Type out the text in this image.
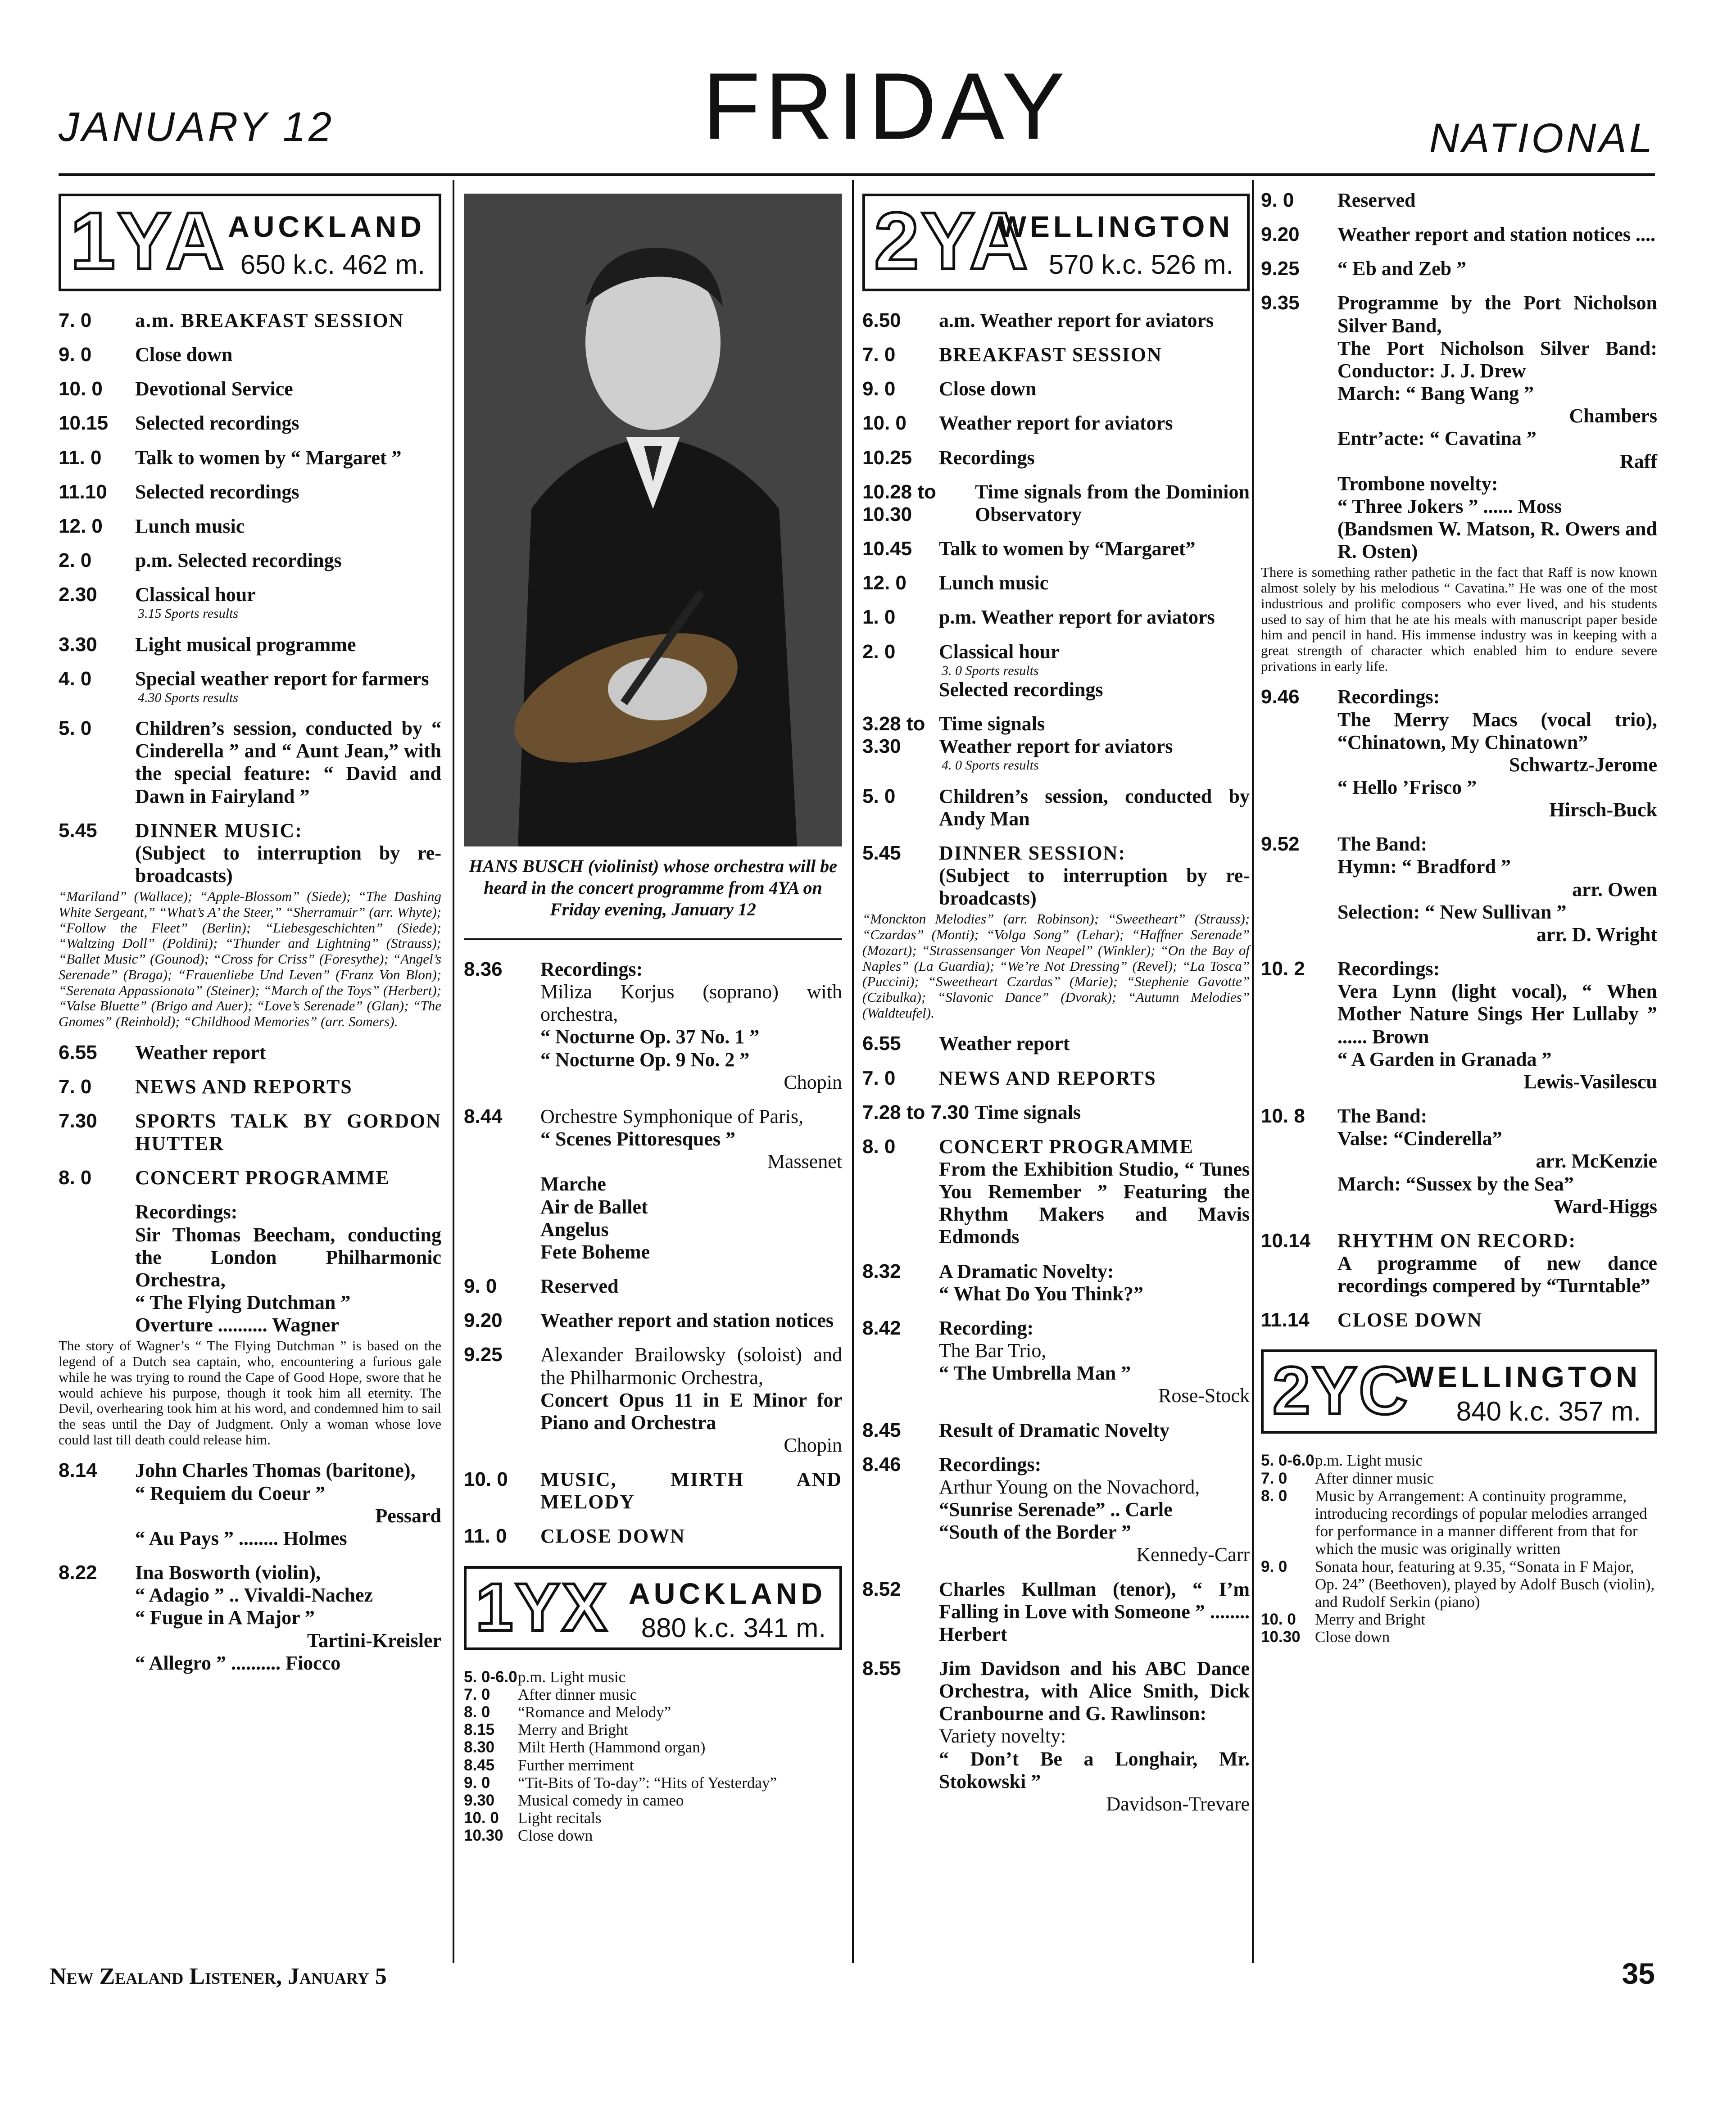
JANUARY 12	FRIDAY	NATIONAL
1YA AUCKLAND
650 k.c. 462 m.
7. 0	a.m. BREAKFAST SESSION
9. 0	Close down
10. 0	Devotional Service
10.15	Selected recordings
11. 0	Talk to women by “ Margaret ”
11.10	Selected recordings
12. 0	Lunch music
2. 0	p.m. Selected recordings
2.30	Classical hour
3.15 Sports results
3.30	Light musical programme
4. 0	Special weather report for farmers
4.30 Sports results
5. 0	Children’s session, conducted by “ Cinderella ” and “ Aunt Jean,” with the special feature: “ David and Dawn in Fairyland ”
5.45	DINNER MUSIC:
(Subject to interruption by re-broadcasts)
“Mariland” (Wallace); “Apple-Blossom” (Siede); “The Dashing White Sergeant,” “What’s A’ the Steer,” “Sherramuir” (arr. Whyte); “Follow the Fleet” (Berlin); “Liebesgeschichten” (Siede); “Waltzing Doll” (Poldini); “Thunder and Lightning” (Strauss); “Ballet Music” (Gounod); “Cross for Criss” (Foresythe); “Angel’s Serenade” (Braga); “Frauenliebe Und Leven” (Franz Von Blon); “Serenata Appassionata” (Steiner); “March of the Toys” (Herbert); “Valse Bluette” (Brigo and Auer); “Love’s Serenade” (Glan); “The Gnomes” (Reinhold); “Childhood Memories” (arr. Somers).
6.55	Weather report
7. 0	NEWS AND REPORTS
7.30	SPORTS TALK BY GORDON HUTTER
8. 0	CONCERT PROGRAMME
Recordings:
Sir Thomas Beecham, conducting the London Philharmonic Orchestra,
“ The Flying Dutchman ”
Overture .......... Wagner
The story of Wagner’s “ The Flying Dutchman ” is based on the legend of a Dutch sea captain, who, encountering a furious gale while he was trying to round the Cape of Good Hope, swore that he would achieve his purpose, though it took him all eternity. The Devil, overhearing took him at his word, and condemned him to sail the seas until the Day of Judgment. Only a woman whose love could last till death could release him.
8.14	John Charles Thomas (baritone),
“ Requiem du Coeur ”
Pessard
“ Au Pays ” ........ Holmes
8.22	Ina Bosworth (violin),
“ Adagio ” .. Vivaldi-Nachez
“ Fugue in A Major ”
Tartini-Kreisler
“ Allegro ” .......... Fiocco
HANS BUSCH (violinist) whose orchestra will be heard in the concert programme from 4YA on Friday evening, January 12
8.36	Recordings:
Miliza Korjus (soprano) with orchestra,
“ Nocturne Op. 37 No. 1 ”
“ Nocturne Op. 9 No. 2 ”
Chopin
8.44	Orchestre Symphonique of Paris,
“ Scenes Pittoresques ”
Massenet
Marche
Air de Ballet
Angelus
Fete Boheme
9. 0	Reserved
9.20	Weather report and station notices
9.25	Alexander Brailowsky (soloist) and the Philharmonic Orchestra,
Concert Opus 11 in E Minor for Piano and Orchestra
Chopin
10. 0	MUSIC, MIRTH AND MELODY
11. 0	CLOSE DOWN
1YX AUCKLAND
880 k.c. 341 m.
5. 0-6.0 p.m. Light music
7. 0	After dinner music
8. 0	“Romance and Melody”
8.15	Merry and Bright
8.30	Milt Herth (Hammond organ)
8.45	Further merriment
9. 0	“Tit-Bits of To-day”: “Hits of Yesterday”
9.30	Musical comedy in cameo
10. 0	Light recitals
10.30 Close down
2YA
WELLINGTON
570 k.c. 526 m.
6.50	a.m. Weather report for aviators
7. 0	BREAKFAST SESSION
9. 0	Close down
10. 0	Weather report for aviators
10.25	Recordings
10.28 to 10.30
Time signals from the Dominion Observatory
10.45	Talk to women by “Margaret”
12. 0	Lunch music
1. 0	p.m. Weather report for aviators
2. 0	Classical hour
3. 0 Sports results
Selected recordings
3.28 to 3.30
Time signals
Weather report for aviators
4. 0 Sports results
5. 0	Children’s session, conducted by Andy Man
5.45	DINNER SESSION:
(Subject to interruption by re-broadcasts)
“Monckton Melodies” (arr. Robinson); “Sweetheart” (Strauss); “Czardas” (Monti); “Volga Song” (Lehar); “Haffner Serenade” (Mozart); “Strassensanger Von Neapel” (Winkler); “On the Bay of Naples” (La Guardia); “We’re Not Dressing” (Revel); “La Tosca” (Puccini); “Sweetheart Czardas” (Marie); “Stephenie Gavotte” (Czibulka); “Slavonic Dance” (Dvorak); “Autumn Melodies” (Waldteufel).
6.55	Weather report
7. 0	NEWS AND REPORTS
7.28 to 7.30 Time signals
8. 0	CONCERT PROGRAMME
From the Exhibition Studio, “ Tunes You Remember ” Featuring the Rhythm Makers and Mavis Edmonds
8.32	A Dramatic Novelty:
“ What Do You Think?”
8.42	Recording:
The Bar Trio,
“ The Umbrella Man ”
Rose-Stock
8.45	Result of Dramatic Novelty
8.46	Recordings:
Arthur Young on the Novachord,
“Sunrise Serenade” .. Carle
“South of the Border ”
Kennedy-Carr
8.52	Charles Kullman (tenor), “ I’m Falling in Love with Someone ” ........ Herbert
8.55	Jim Davidson and his ABC Dance Orchestra, with Alice Smith, Dick Cranbourne and G. Rawlinson:
Variety novelty:
“ Don’t Be a Longhair, Mr. Stokowski ”
Davidson-Trevare
9. 0	Reserved
9.20	Weather report and station notices ....
9.25	“ Eb and Zeb ”
9.35	Programme by the Port Nicholson Silver Band,
The Port Nicholson Silver Band: Conductor: J. J. Drew
March: “ Bang Wang ”
Chambers
Entr’acte: “ Cavatina ”
Raff
Trombone novelty:
“ Three Jokers ” ...... Moss
(Bandsmen W. Matson, R. Owers and R. Osten)
There is something rather pathetic in the fact that Raff is now known almost solely by his melodious “ Cavatina.” He was one of the most industrious and prolific composers who ever lived, and his students used to say of him that he ate his meals with manuscript paper beside him and pencil in hand. His immense industry was in keeping with a great strength of character which enabled him to endure severe privations in early life.
9.46	Recordings:
The Merry Macs (vocal trio), “Chinatown, My Chinatown”
Schwartz-Jerome
“ Hello ’Frisco ”
Hirsch-Buck
9.52	The Band:
Hymn: “ Bradford ”
arr. Owen
Selection: “ New Sullivan ”
arr. D. Wright
10. 2	Recordings:
Vera Lynn (light vocal), “ When Mother Nature Sings Her Lullaby ” ...... Brown
“ A Garden in Granada ”
Lewis-Vasilescu
10. 8	The Band:
Valse: “Cinderella”
arr. McKenzie
March: “Sussex by the Sea”
Ward-Higgs
10.14	RHYTHM ON RECORD:
A programme of new dance recordings compered by “Turntable”
11.14	CLOSE DOWN
2YC
WELLINGTON
840 k.c. 357 m.
5. 0-6.0 p.m. Light music
7. 0	After dinner music
8. 0	Music by Arrangement: A continuity programme, introducing recordings of popular melodies arranged for performance in a manner different from that for which the music was originally written
9. 0	Sonata hour, featuring at 9.35, “Sonata in F Major, Op. 24” (Beethoven), played by Adolf Busch (violin), and Rudolf Serkin (piano)
10. 0	Merry and Bright
10.30 Close down
New Zealand Listener, January 5	35
